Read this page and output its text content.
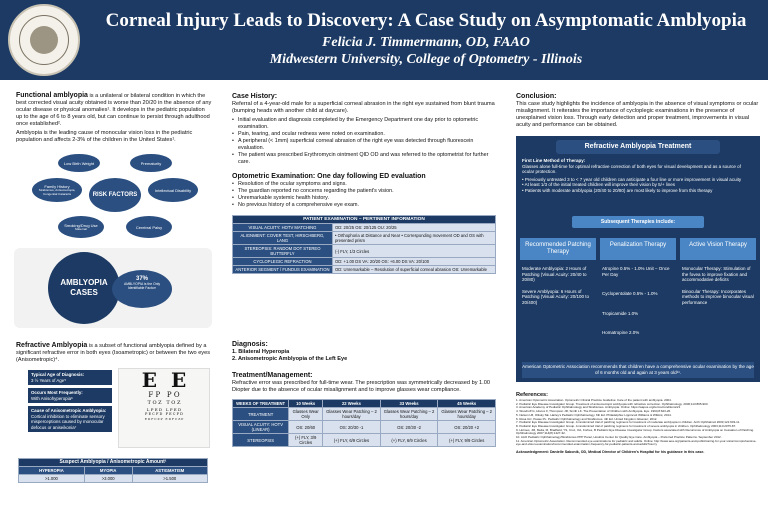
Corneal Injury Leads to Discovery: A Case Study on Asymptomatic Amblyopia
Felicia J. Timmermann, OD, FAAO
Midwestern University, College of Optometry - Illinois
Functional amblyopia is a unilateral or bilateral condition in which the best corrected visual acuity obtained is worse than 20/20 in the absence of any ocular disease or physical anomalies¹. It develops in the pediatric population up to the age of 6 to 8 years old, but can continue to persist through adulthood once established².
Amblyopia is the leading cause of monocular vision loss in the pediatric population and affects 2-3% of the children in the United States¹.
RISK FACTORS
Low Birth Weight	Prematurity
Family History
Strabismus, Anisometropia, Congenital Cataracts
Intellectual Disability
Smoking/Drug Use
Maternal	Cerebral Palsy
AMBLYOPIA CASES
37%
AMBLYOPIA is the Only Identifiable Factor³
Refractive Amblyopia is a subset of functional amblyopia defined by a significant refractive error in both eyes (Isoametropic) or between the two eyes (Anisometropic)⁴.
Typical Age of Diagnosis:
3 ½ Years of Age⁵
Occurs Most Frequently:
With Anisohyperopia⁶
Cause of Anisometropic Amblyopia:
Cortical inhibition to eliminate sensory misperceptions caused by monocular defocus or aniseikonia⁷
E  E
F P   P O
T O Z   T O Z
L P E D   L P E D
P E C F D   P E C F D
E D F C Z P   E D F C Z P
Suspect Amblyopia / Anisometropic Amount¹		
HYPEROPIA	MYOPIA	ASTIGMATISM
>1.000	>3.000	>1.500
Case History:
Referral of a 4-year-old male for a superficial corneal abrasion in the right eye sustained from blunt trauma (bumping heads with another child at daycare).
• Initial evaluation and diagnosis completed by the Emergency Department one day prior to optometric examination.
• Pain, tearing, and ocular redness were noted on examination.
• A peripheral (< 1mm) superficial corneal abrasion of the right eye was detected through fluorescein evaluation.
• The patient was prescribed Erythromycin ointment QID OD and was referred to the optometrist for further care.
Optometric Examination: One day following ED evaluation
• Resolution of the ocular symptoms and signs.
• The guardian reported no concerns regarding the patient's vision.
• Unremarkable systemic health history.
• No previous history of a comprehensive eye exam.
PATIENT EXAMINATION – PERTINENT INFORMATION	
VISUAL ACUITY: HOTV MATCHING	OD: 20/25 OS: 20/125 OU: 20/25
ALIGNMENT: COVER TEST, HIRSCHBERG, LANG	• Orthophoria at Distance and Near • Corresponding movement OD and OS with presented prism
STEREOPSIS: RANDOM DOT STEREO BUTTERFLY	(-) FLY, 1/3 Circles
CYCLOPLEGIC REFRACTION	OD: +1.00 DS VA: 20/20 OS: +6.00 DS VA: 20/100
ANTERIOR SEGMENT / FUNDUS EXAMINATION	OD: Unremarkable – Resolution of superficial corneal abrasion OS: Unremarkable
Diagnosis:
1. Bilateral Hyperopia
2. Anisometropic Amblyopia of the Left Eye
Treatment/Management:
Refractive error was prescribed for full-time wear. The prescription was symmetrically decreased by 1.00 Diopter due to the absence of ocular misalignment and to improve glasses wear compliance.
WEEKS OF TREATMENT	10 Weeks	22 Weeks	33 Weeks	45 Weeks
TREATMENT	Glasses Wear Only	Glasses Wear Patching – 2 hours/day	Glasses Wear Patching – 2 hours/day	Glasses Wear Patching – 2 hours/day
VISUAL ACUITY: HOTV (LINEAR)	OS: 20/60	OS: 20/30 -1	OS: 20/30 -2	OS: 20/20 +2
STEREOPSIS	(+) FLY, 3/9 Circles	(+) FLY, 6/9 Circles	(+) FLY, 6/9 Circles	(+) FLY, 9/9 Circles
Conclusion:
This case study highlights the incidence of amblyopia in the absence of visual symptoms or ocular misalignment. It reiterates the importance of cycloplegic examinations in the presence of unexplained vision loss. Through early detection and proper treatment, improvements in visual acuity and performance can be obtained.
Refractive Amblyopia Treatment
First Line Method of Therapy:
Glasses alone full-time for optimal refractive correction of both eyes for visual development and as a source of ocular protection.
• Previously untreated 3 to < 7 year old children can anticipate a four line or more improvement in visual acuity
• At least 1/3 of the initial treated children will improve their vision by 5/+ lines
• Patients with moderate amblyopia (20/40 to 20/80) are most likely to improve from this therapy
Subsequent Therapies include:
Recommended Patching Therapy
Penalization Therapy	Active Vision Therapy
Moderate Amblyopia: 2 Hours of Patching (Visual Acuity: 20/40 to 20/80)
Severe Amblyopia: 6 Hours of Patching (Visual Acuity: 20/100 to 20/400)
Atropine 0.5% - 1.0% Unit – Once Per Day
Cyclopentolate 0.5% - 1.0%
Tropicamide 1.0%
Homatropine 2.0%
Monocular Therapy: Stimulation of the fovea to improve fixation and accommodative deficits
Binocular Therapy: Incorporates methods to improve binocular visual performance
American Optometric Association recommends that children have a comprehensive ocular examination by the age of 6 months old and again at 3 years old¹¹.
References:
1. American Optometric Association. Optometric Clinical Practice Guideline: Care of the patient with amblyopia. 2004.
2. Pediatric Eye Disease Investigator Group. Treatment of anisometropic amblyopia with refractive correction. Ophthalmology. 2006;113:895-903.
3. American Academy of Pediatric Ophthalmology and Strabismus. Amblyopia. Online: https://aapos.org/terms/conditions/21
4. Woodruff G, Hiscox F, Thompson JR, Smith LK. The Presentation of Children with Amblyopia. Eye. 1994;8:623-26.
5. Nelson LB, Olitsky SE. Harley's Pediatric Ophthalmology. 6th Ed. Philadelphia: Lippincott Williams & Wilkins; 2014.
6. Rosa GC, Pease PL. Pediatric Ophthalmology and Strabismus. 4th Ed. United Kingdom: Elsevier; 2012.
7. Pediatric Eye Disease Investigator Group. A randomized trial of patching regimens for treatment of moderate amblyopia in children. Arch Ophthalmol 2003;121:603-11.
8. Pediatric Eye Disease Investigator Group. A randomized trial of patching regimens for treatment of severe amblyopia in children. Ophthalmology 2003;110:2075-87.
9. Holmes, JM, Melia, M, Bradfield, YS, Cruz, OA, Forbes, B Pediatric Eye Disease Investigator Group. Factors associated with Recurrence of Amblyopia on Cessation of Patching. Ophthalmology 2007;114(8):1427-32.
10. AAO Pediatric Ophthalmology/Strabismus PPP Panel, Hoskins Center for Quality Eye Care. Amblyopia – Preferred Practice Patterns. September 2012.
11. American Optometric Association. Recommended eye examinations for pediatric and adults. Online: http://www.aoa.org/patients-and-public/caring-for-your-vision/comprehensive-eye-and-vision-examination/recommended-examination-frequency-for-pediatric-patients-and-adults?sso=y
Acknowledgement: Danielle Sabonik, OD, Medical Director of Children's Hospital for his guidance in this case.
